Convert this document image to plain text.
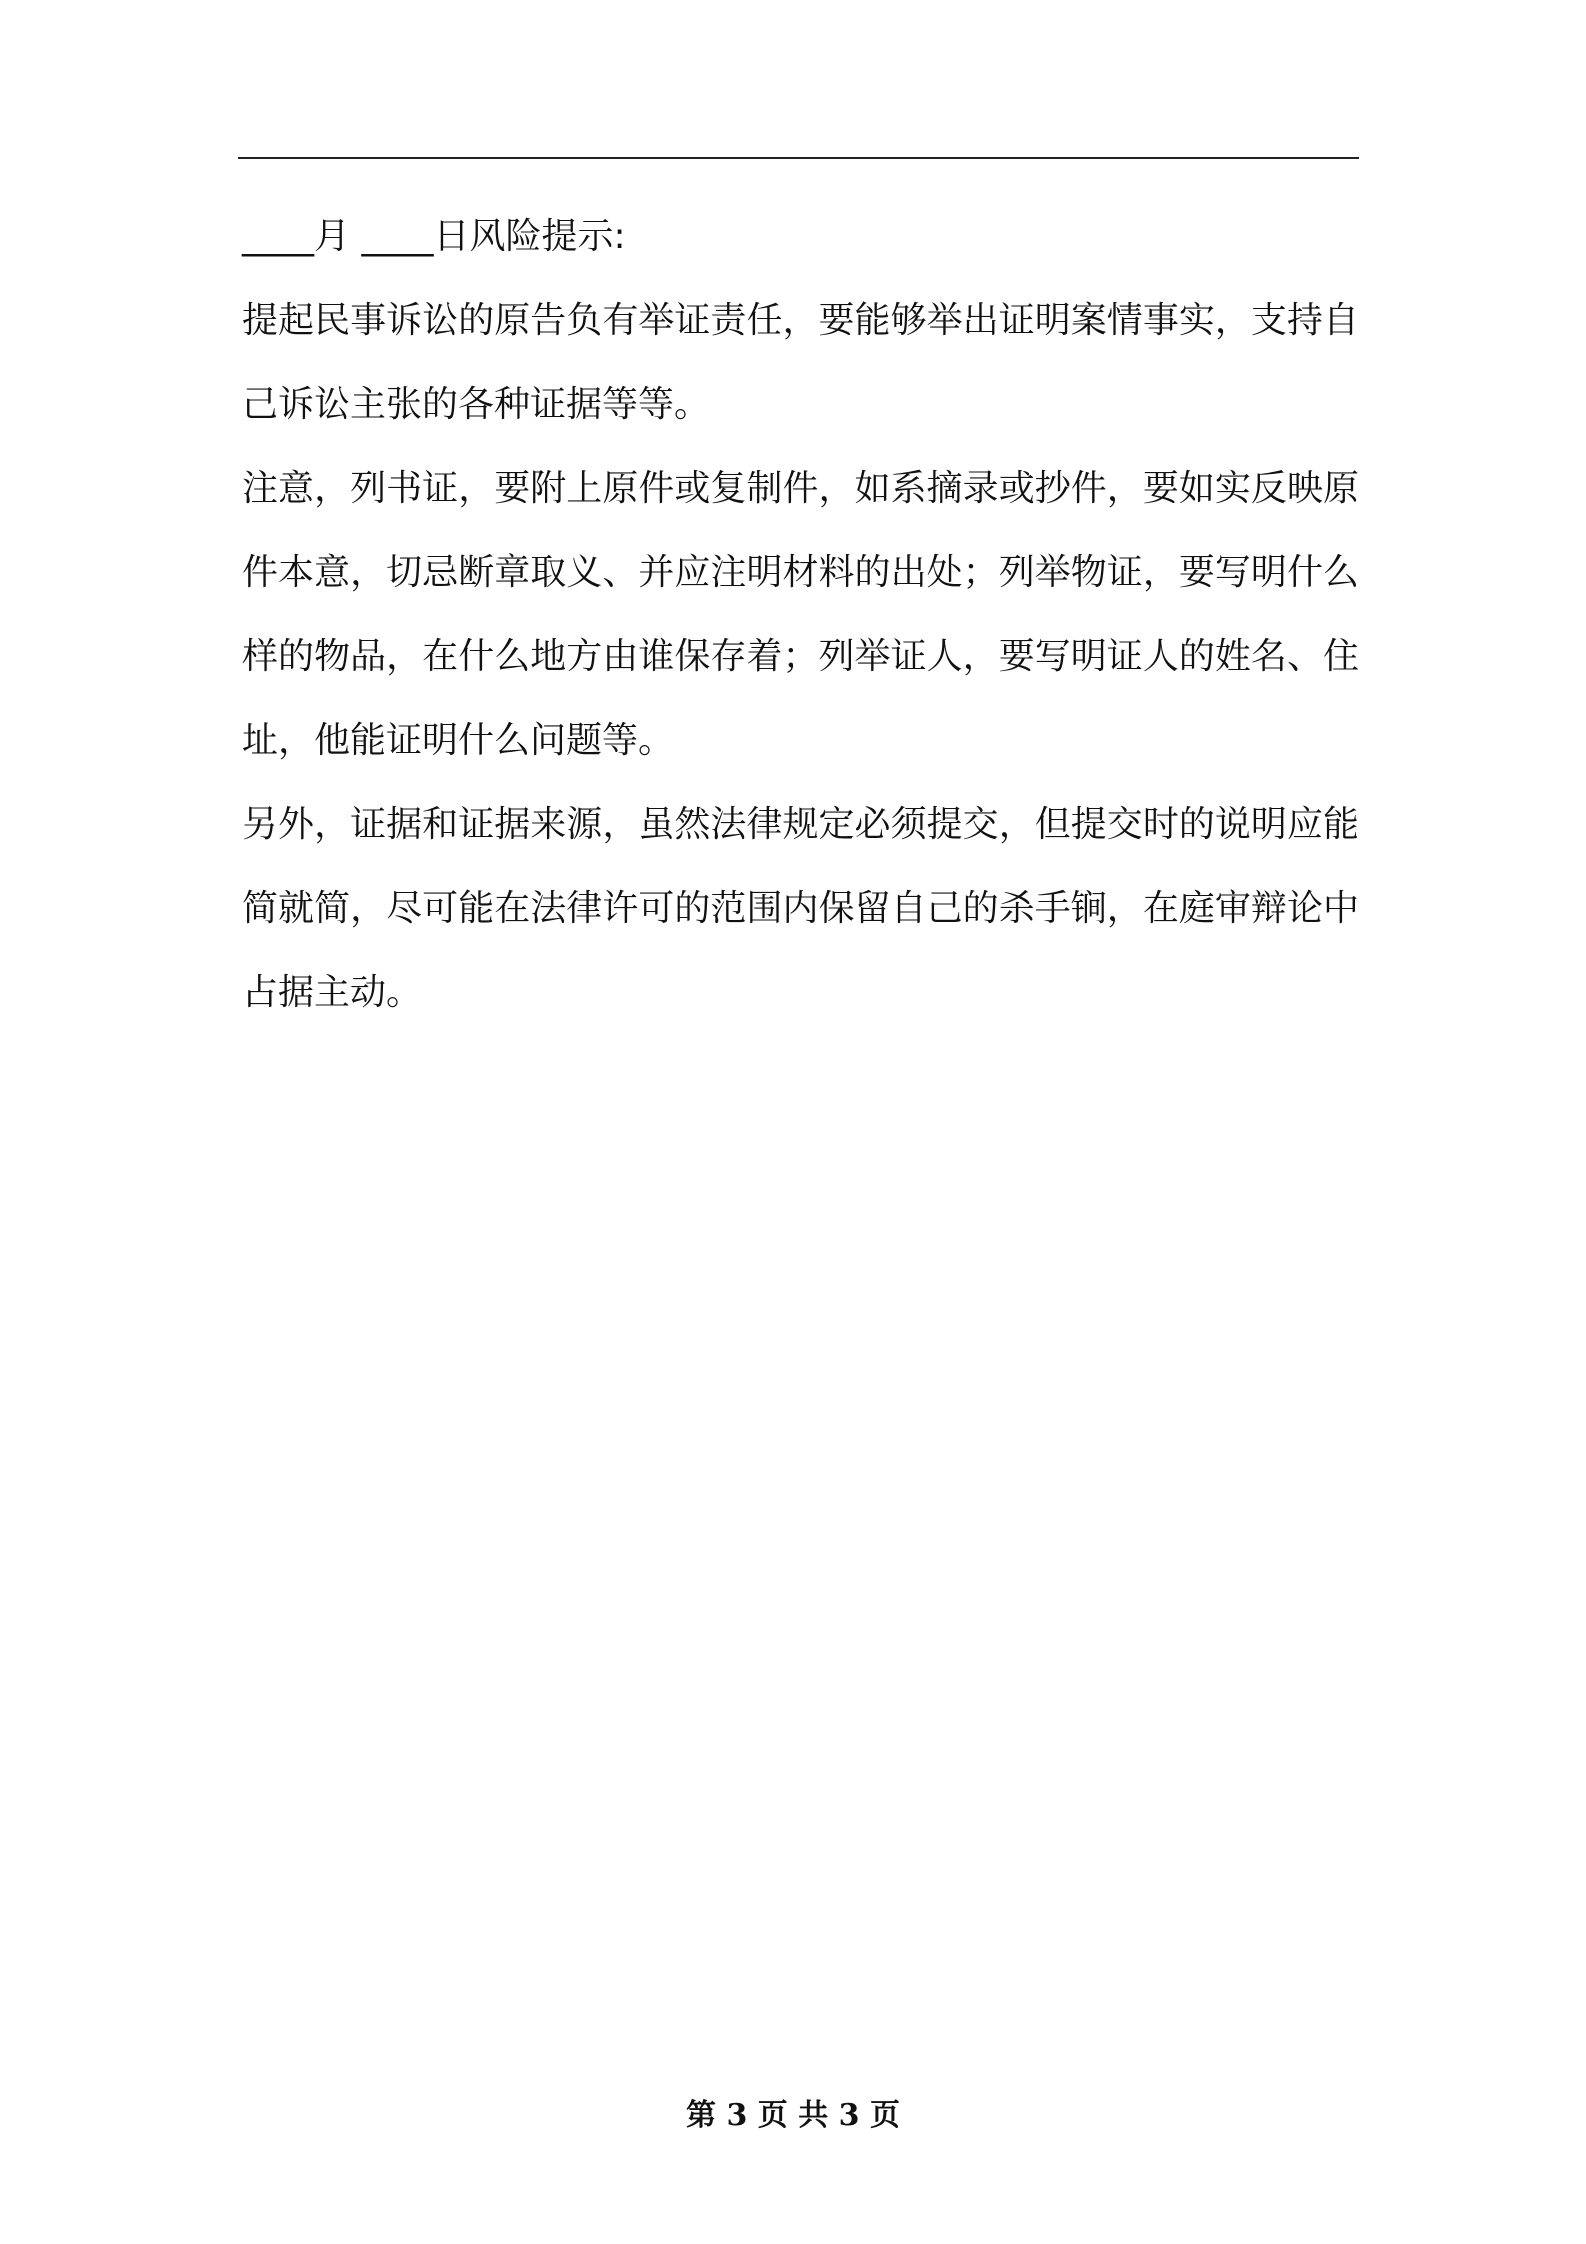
____月 ____日风险提示:

提起民事诉讼的原告负有举证责任，要能够举出证明案情事实，支持自己诉讼主张的各种证据等等。

注意，列书证，要附上原件或复制件，如系摘录或抄件，要如实反映原件本意，切忌断章取义、并应注明材料的出处；列举物证，要写明什么样的物品，在什么地方由谁保存着；列举证人，要写明证人的姓名、住址，他能证明什么问题等。

另外，证据和证据来源，虽然法律规定必须提交，但提交时的说明应能简就简，尽可能在法律许可的范围内保留自己的杀手锏，在庭审辩论中占据主动。

第 3 页 共 3 页
